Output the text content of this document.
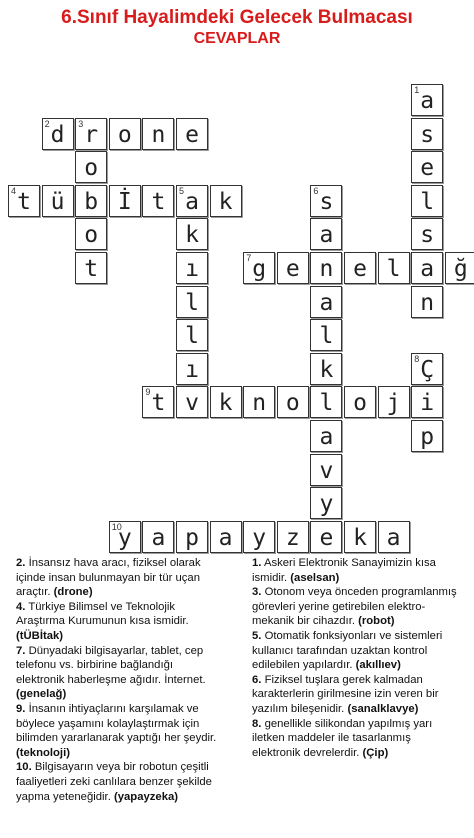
6.Sınıf Hayalimdeki Gelecek Bulmacası
CEVAPLAR
1 a
s
e
l
s
a
n
2 d	3 r o n e
o
b
o
t
4 t ü	İ t	5 a k
k
ı
l
l
ı
v
6 s
a
n
a
l
k
l
a
v
y
e
7 g e	e l	ğ
8 Ç
i
p
9 t	k n o	o j
10
y a p a y z	k a
2. İnsansız hava aracı, fiziksel olarak içinde insan bulunmayan bir tür uçan araçtır. (drone)
4. Türkiye Bilimsel ve Teknolojik Araştırma Kurumunun kısa ismidir. (tÜBİtak)
7. Dünyadaki bilgisayarlar, tablet, cep telefonu vs. birbirine bağlandığı elektronik haberleşme ağıdır. İnternet. (genelağ)
9. İnsanın ihtiyaçlarını karşılamak ve böylece yaşamını kolaylaştırmak için bilimden yararlanarak yaptığı her şeydir. (teknoloji)
10. Bilgisayarın veya bir robotun çeşitli faaliyetleri zeki canlılara benzer şekilde yapma yeteneğidir. (yapayzeka)
1. Askeri Elektronik Sanayimizin kısa ismidir. (aselsan)
3. Otonom veya önceden programlanmış görevleri yerine getirebilen elektro-mekanik bir cihazdır. (robot)
5. Otomatik fonksiyonları ve sistemleri kullanıcı tarafından uzaktan kontrol edilebilen yapılardır. (akıllıev)
6. Fiziksel tuşlara gerek kalmadan karakterlerin girilmesine izin veren bir yazılım bileşenidir. (sanalklavye)
8. genellikle silikondan yapılmış yarı iletken maddeler ile tasarlanmış elektronik devrelerdir. (Çip)
